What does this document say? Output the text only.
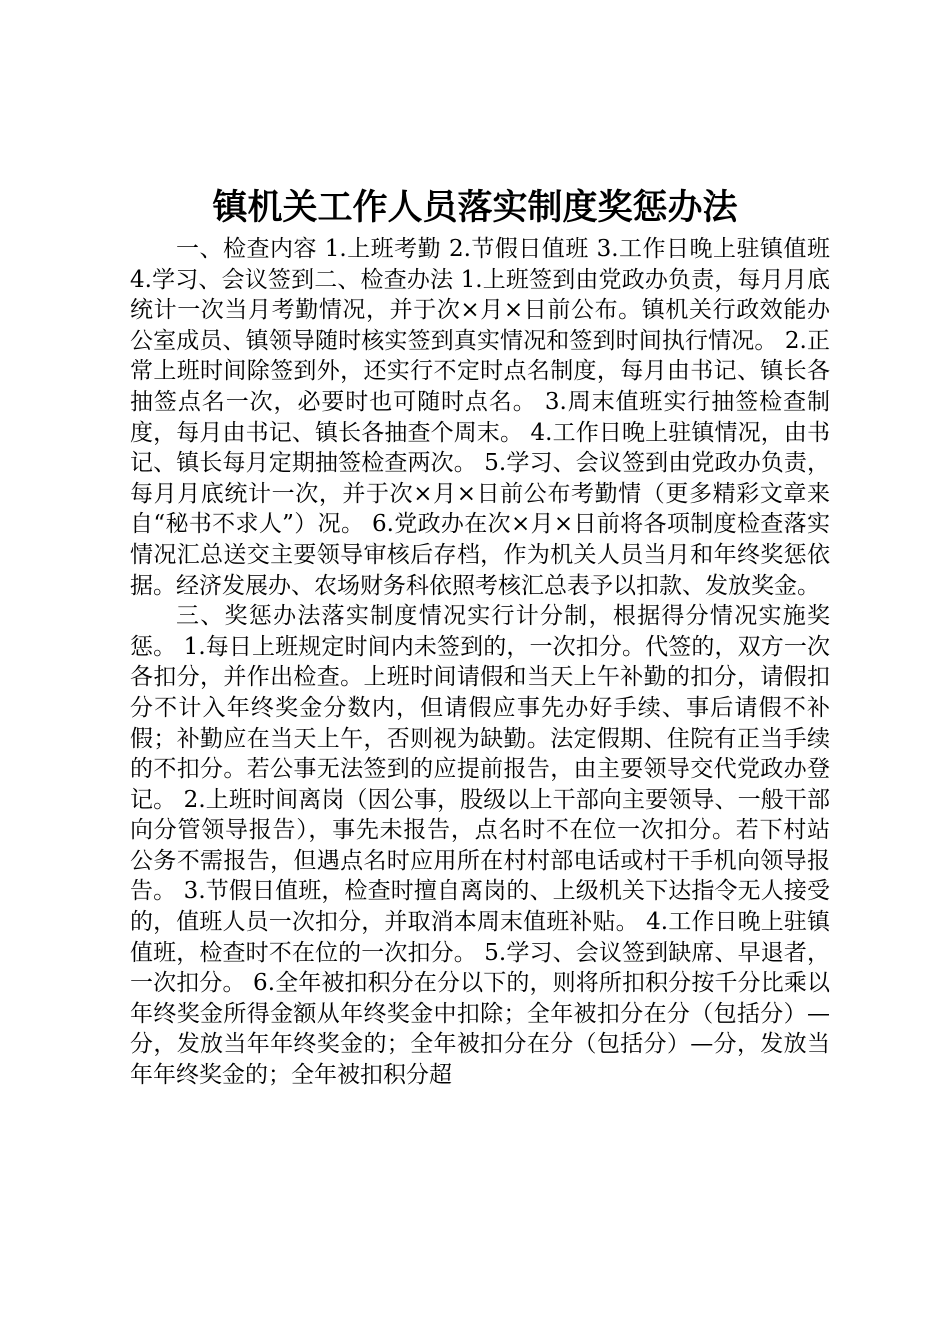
镇机关工作人员落实制度奖惩办法

一、检查内容 1.上班考勤 2.节假日值班 3.工作日晚上驻镇值班 4.学习、会议签到二、检查办法 1.上班签到由党政办负责，每月月底统计一次当月考勤情况，并于次×月×日前公布。镇机关行政效能办公室成员、镇领导随时核实签到真实情况和签到时间执行情况。 2.正常上班时间除签到外，还实行不定时点名制度，每月由书记、镇长各抽签点名一次，必要时也可随时点名。 3.周末值班实行抽签检查制度，每月由书记、镇长各抽查个周末。 4.工作日晚上驻镇情况，由书记、镇长每月定期抽签检查两次。 5.学习、会议签到由党政办负责，每月月底统计一次，并于次×月×日前公布考勤情（更多精彩文章来自“秘书不求人”）况。 6.党政办在次×月×日前将各项制度检查落实情况汇总送交主要领导审核后存档，作为机关人员当月和年终奖惩依据。经济发展办、农场财务科依照考核汇总表予以扣款、发放奖金。

三、奖惩办法落实制度情况实行计分制，根据得分情况实施奖惩。 1.每日上班规定时间内未签到的，一次扣分。代签的，双方一次各扣分，并作出检查。上班时间请假和当天上午补勤的扣分，请假扣分不计入年终奖金分数内，但请假应事先办好手续、事后请假不补假；补勤应在当天上午，否则视为缺勤。法定假期、住院有正当手续的不扣分。若公事无法签到的应提前报告，由主要领导交代党政办登记。 2.上班时间离岗（因公事，股级以上干部向主要领导、一般干部向分管领导报告），事先未报告，点名时不在位一次扣分。若下村站公务不需报告，但遇点名时应用所在村村部电话或村干手机向领导报告。 3.节假日值班，检查时擅自离岗的、上级机关下达指令无人接受的，值班人员一次扣分，并取消本周末值班补贴。 4.工作日晚上驻镇值班，检查时不在位的一次扣分。 5.学习、会议签到缺席、早退者，一次扣分。 6.全年被扣积分在分以下的，则将所扣积分按千分比乘以年终奖金所得金额从年终奖金中扣除；全年被扣分在分（包括分）—分，发放当年年终奖金的；全年被扣分在分（包括分）—分，发放当年年终奖金的；全年被扣积分超
